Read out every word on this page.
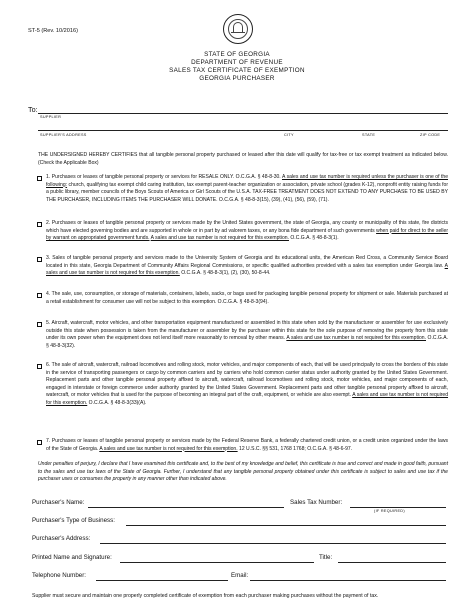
ST-5 (Rev. 10/2016)
STATE OF GEORGIA
DEPARTMENT OF REVENUE
SALES TAX CERTIFICATE OF EXEMPTION
GEORGIA PURCHASER
To:
SUPPLIER
SUPPLIER'S ADDRESS	CITY	STATE	ZIP CODE
THE UNDERSIGNED HEREBY CERTIFIES that all tangible personal property purchased or leased after this date will qualify for tax-free or tax exempt treatment as indicated below. (Check the Applicable Box)
1. Purchases or leases of tangible personal property or services for RESALE ONLY. O.C.G.A. § 48-8-30. A sales and use tax number is required unless the purchaser is one of the following: church, qualifying tax exempt child caring institution, tax exempt parent-teacher organization or association, private school (grades K-12), nonprofit entity raising funds for a public library, member councils of the Boys Scouts of America or Girl Scouts of the U.S.A. TAX-FREE TREATMENT DOES NOT EXTEND TO ANY PURCHASE TO BE USED BY THE PURCHASER, INCLUDING ITEMS THE PURCHASER WILL DONATE. O.C.G.A. § 48-8-3(15), (39), (41), (56), (59), (71).
2. Purchases or leases of tangible personal property or services made by the United States government, the state of Georgia, any county or municipality of this state, fire districts which have elected governing bodies and are supported in whole or in part by ad valorem taxes, or any bona fide department of such governments when paid for direct to the seller by warrant on appropriated government funds. A sales and use tax number is not required for this exemption. O.C.G.A. § 48-8-3(1).
3. Sales of tangible personal property and services made to the University System of Georgia and its educational units, the American Red Cross, a Community Service Board located in this state, Georgia Department of Community Affairs Regional Commissions, or specific qualified authorities provided with a sales tax exemption under Georgia law. A sales and use tax number is not required for this exemption. O.C.G.A. § 48-8-3(1), (2), (30), 50-8-44.
4. The sale, use, consumption, or storage of materials, containers, labels, sacks, or bags used for packaging tangible personal property for shipment or sale. Materials purchased at a retail establishment for consumer use will not be subject to this exemption. O.C.G.A. § 48-8-3(94).
5. Aircraft, watercraft, motor vehicles, and other transportation equipment manufactured or assembled in this state when sold by the manufacturer or assembler for use exclusively outside this state when possession is taken from the manufacturer or assembler by the purchaser within this state for the sole purpose of removing the property from this state under its own power when the equipment does not lend itself more reasonably to removal by other means. A sales and use tax number is not required for this exemption. O.C.G.A. § 48-8-3(32).
6. The sale of aircraft, watercraft, railroad locomotives and rolling stock, motor vehicles, and major components of each, that will be used principally to cross the borders of this state in the service of transporting passengers or cargo by common carriers and by carriers who hold common carrier status under authority granted by the United States Government. Replacement parts and other tangible personal property affixed to aircraft, watercraft, railroad locomotives and rolling stock, motor vehicles, and major components of each, engaged in interstate or foreign commerce under authority granted by the United States Government. Replacement parts and other tangible personal property affixed to aircraft, watercraft, or motor vehicles that is used for the purpose of becoming an integral part of the craft, equipment, or vehicle are also exempt. A sales and use tax number is not required for this exemption. O.C.G.A. § 48-8-3(33)(A).
7. Purchases or leases of tangible personal property or services made by the Federal Reserve Bank, a federally chartered credit union, or a credit union organized under the laws of the State of Georgia. A sales and use tax number is not required for this exemption. 12 U.S.C. §§ 531, 1768 1768; O.C.G.A. § 48-6-97.
Under penalties of perjury, I declare that I have examined this certificate and, to the best of my knowledge and belief, this certificate is true and correct and made in good faith, pursuant to the sales and use tax laws of the State of Georgia. Further, I understand that any tangible personal property obtained under this certificate is subject to sales and use tax if the purchaser uses or consumes the property in any manner other than indicated above.
Purchaser's Name:	Sales Tax Number:
(IF REQUIRED)
Purchaser's Type of Business:
Purchaser's Address:
Printed Name and Signature:	Title:
Telephone Number:	Email:
Supplier must secure and maintain one properly completed certificate of exemption from each purchaser making purchases without the payment of tax.
